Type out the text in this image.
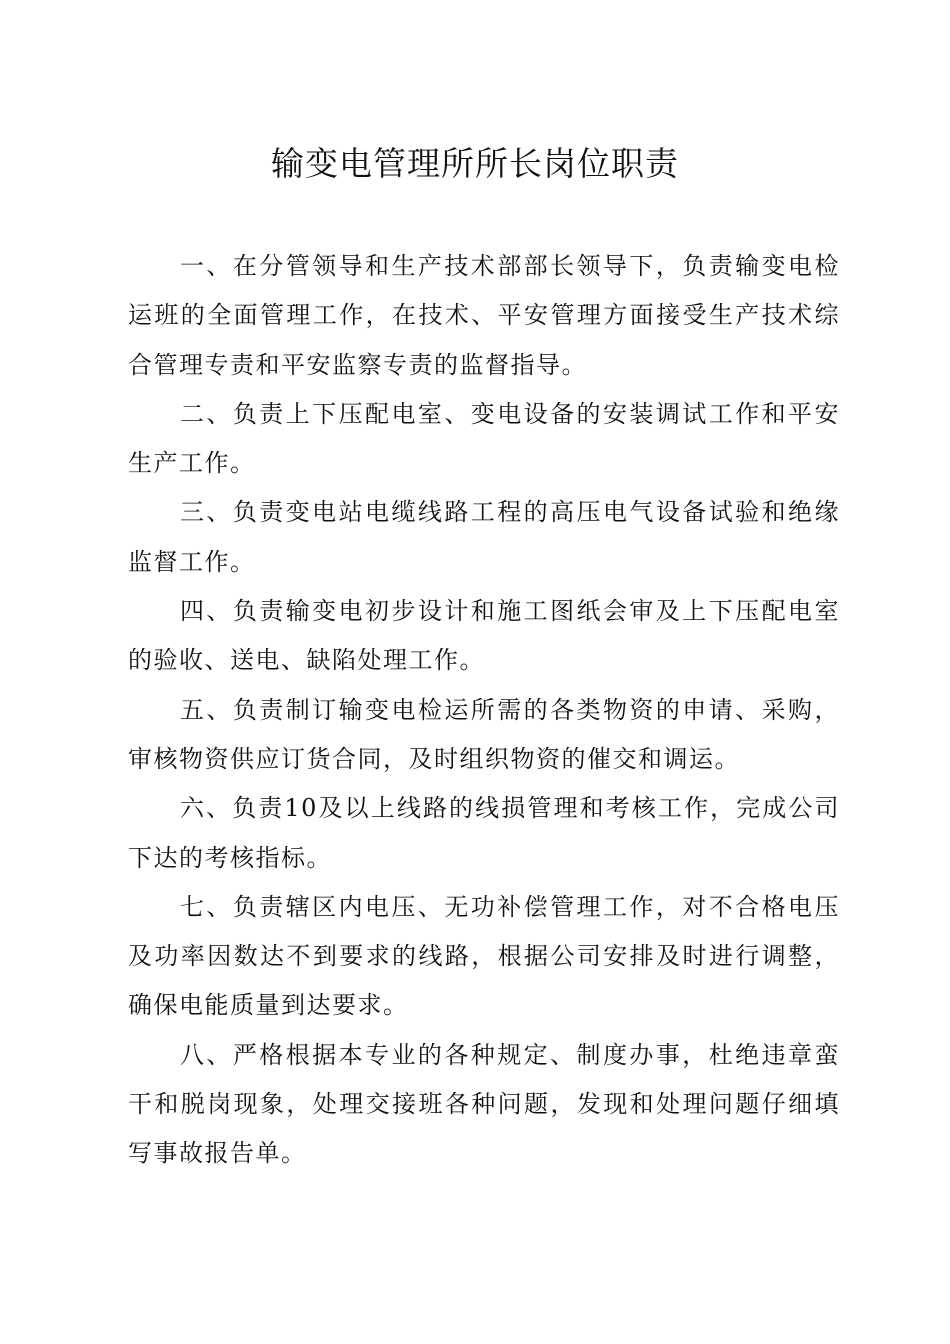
输变电管理所所长岗位职责

一、在分管领导和生产技术部部长领导下，负责输变电检运班的全面管理工作，在技术、平安管理方面接受生产技术综合管理专责和平安监察专责的监督指导。

二、负责上下压配电室、变电设备的安装调试工作和平安生产工作。

三、负责变电站电缆线路工程的高压电气设备试验和绝缘监督工作。

四、负责输变电初步设计和施工图纸会审及上下压配电室的验收、送电、缺陷处理工作。

五、负责制订输变电检运所需的各类物资的申请、采购，审核物资供应订货合同，及时组织物资的催交和调运。

六、负责10及以上线路的线损管理和考核工作，完成公司下达的考核指标。

七、负责辖区内电压、无功补偿管理工作，对不合格电压及功率因数达不到要求的线路，根据公司安排及时进行调整，确保电能质量到达要求。

八、严格根据本专业的各种规定、制度办事，杜绝违章蛮干和脱岗现象，处理交接班各种问题，发现和处理问题仔细填写事故报告单。
